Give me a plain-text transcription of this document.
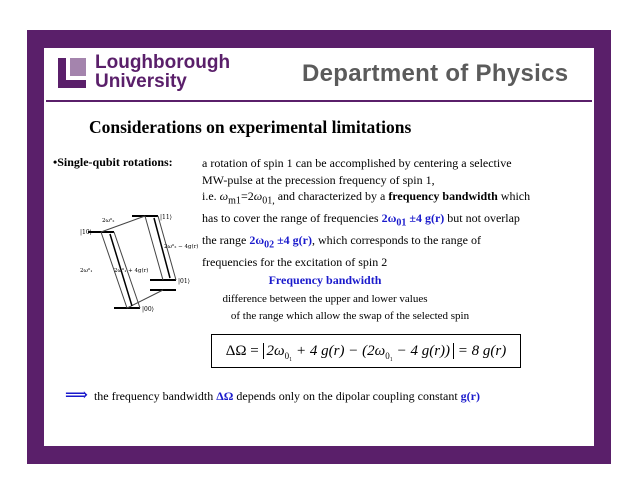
Loughborough
University	Department of Physics
Considerations on experimental limitations
•Single-qubit rotations: a rotation of spin 1 can be accomplished by centering a selective MW-pulse at the precession frequency of spin 1,
i.e. $\omega_{m1}=2\omega_{01,}$ and characterized by a frequency bandwidth which has to cover the range of frequencies $2\omega_{01} \pm 4$ g(r) but not overlap the range $2\omega_{02} \pm 4$ g(r), which corresponds to the range of frequencies for the excitation of spin 2
|11⟩
|10⟩
|01⟩
|00⟩
2ω⁰₂
2ω⁰₂ − 4g(r)
2ω⁰₁	2ω⁰₁ + 4g(r)
Frequency bandwidth
difference between the upper and lower values
of the range which allow the swap of the selected spin
$\Delta\Omega = 2\omega_{0_1} + 4$ $g(r) - (2\omega_{0_1} - 4$ g(r)) = 8 g(r)
⟹ the frequency bandwidth ΔΩ depends only on the dipolar coupling constant g(r)
